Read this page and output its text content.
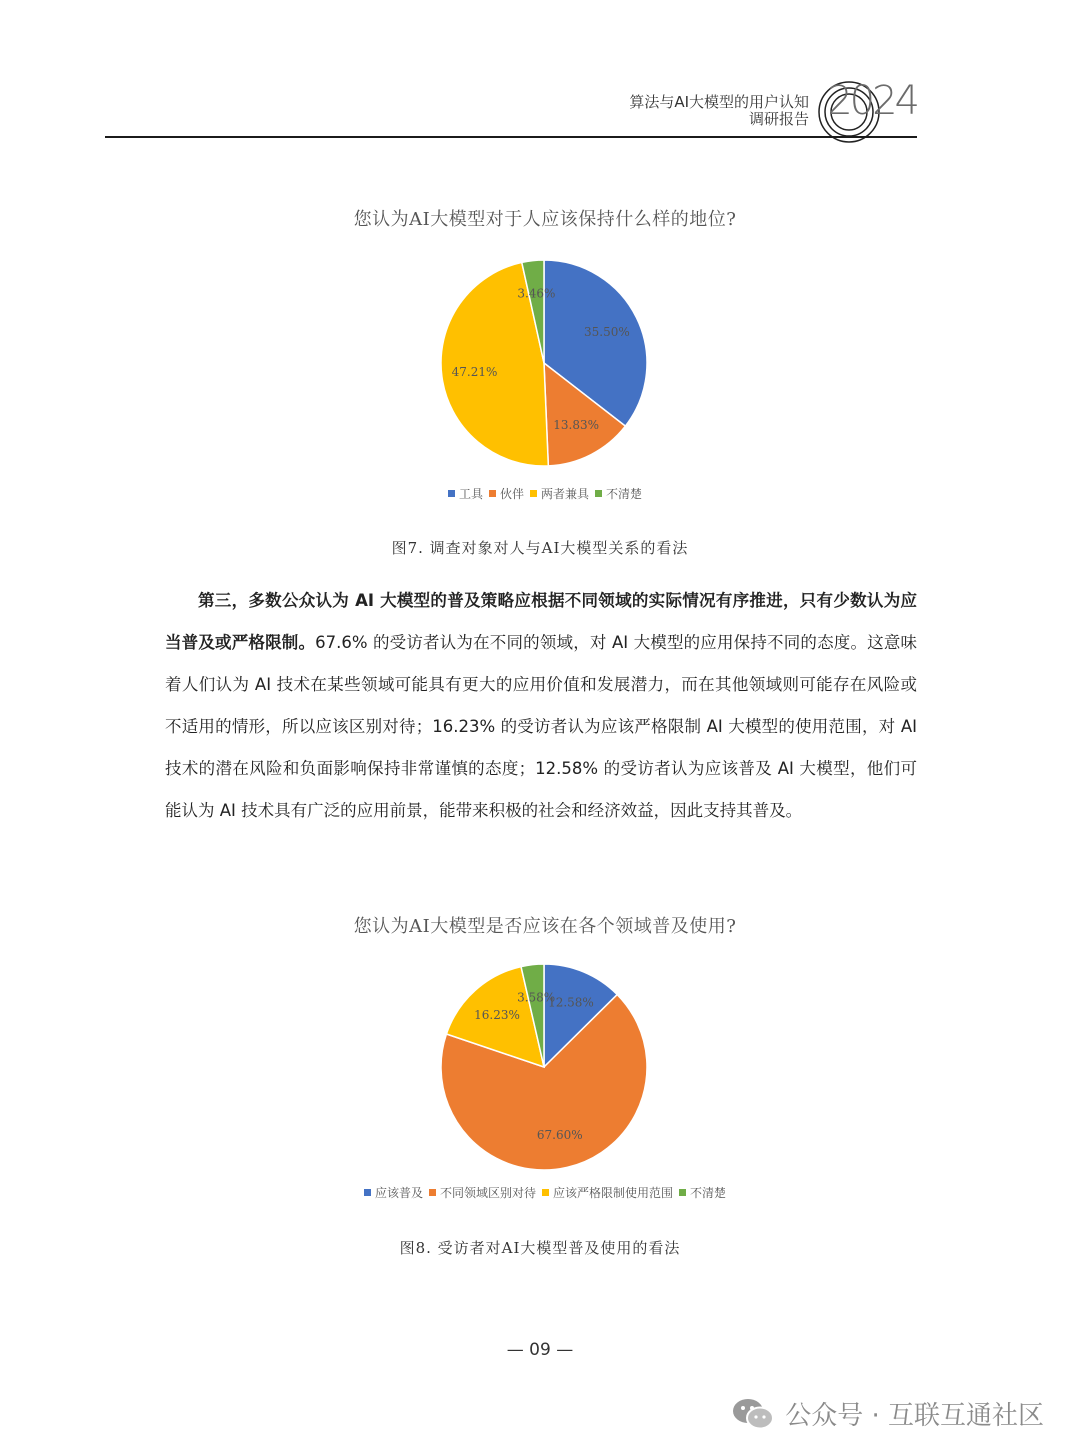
算法与AI大模型的用户认知
调研报告 2024
您认为AI大模型对于人应该保持什么样的地位?
35.50%
13.83%
47.21%
3.46%
工具 伙伴 两者兼具 不清楚
图7. 调查对象对人与AI大模型关系的看法

第三，多数公众认为 AI 大模型的普及策略应根据不同领域的实际情况有序推进，只有少数认为应当普及或严格限制。67.6% 的受访者认为在不同的领域，对 AI 大模型的应用保持不同的态度。这意味着人们认为 AI 技术在某些领域可能具有更大的应用价值和发展潜力，而在其他领域则可能存在风险或不适用的情形，所以应该区别对待；16.23% 的受访者认为应该严格限制 AI 大模型的使用范围，对 AI 技术的潜在风险和负面影响保持非常谨慎的态度；12.58% 的受访者认为应该普及 AI 大模型，他们可能认为 AI 技术具有广泛的应用前景，能带来积极的社会和经济效益，因此支持其普及。

您认为AI大模型是否应该在各个领域普及使用?
12.58%
67.60%
16.23%
3.58%
应该普及 不同领域区别对待 应该严格限制使用范围 不清楚
图8. 受访者对AI大模型普及使用的看法
— 09 —
公众号 · 互联互通社区
